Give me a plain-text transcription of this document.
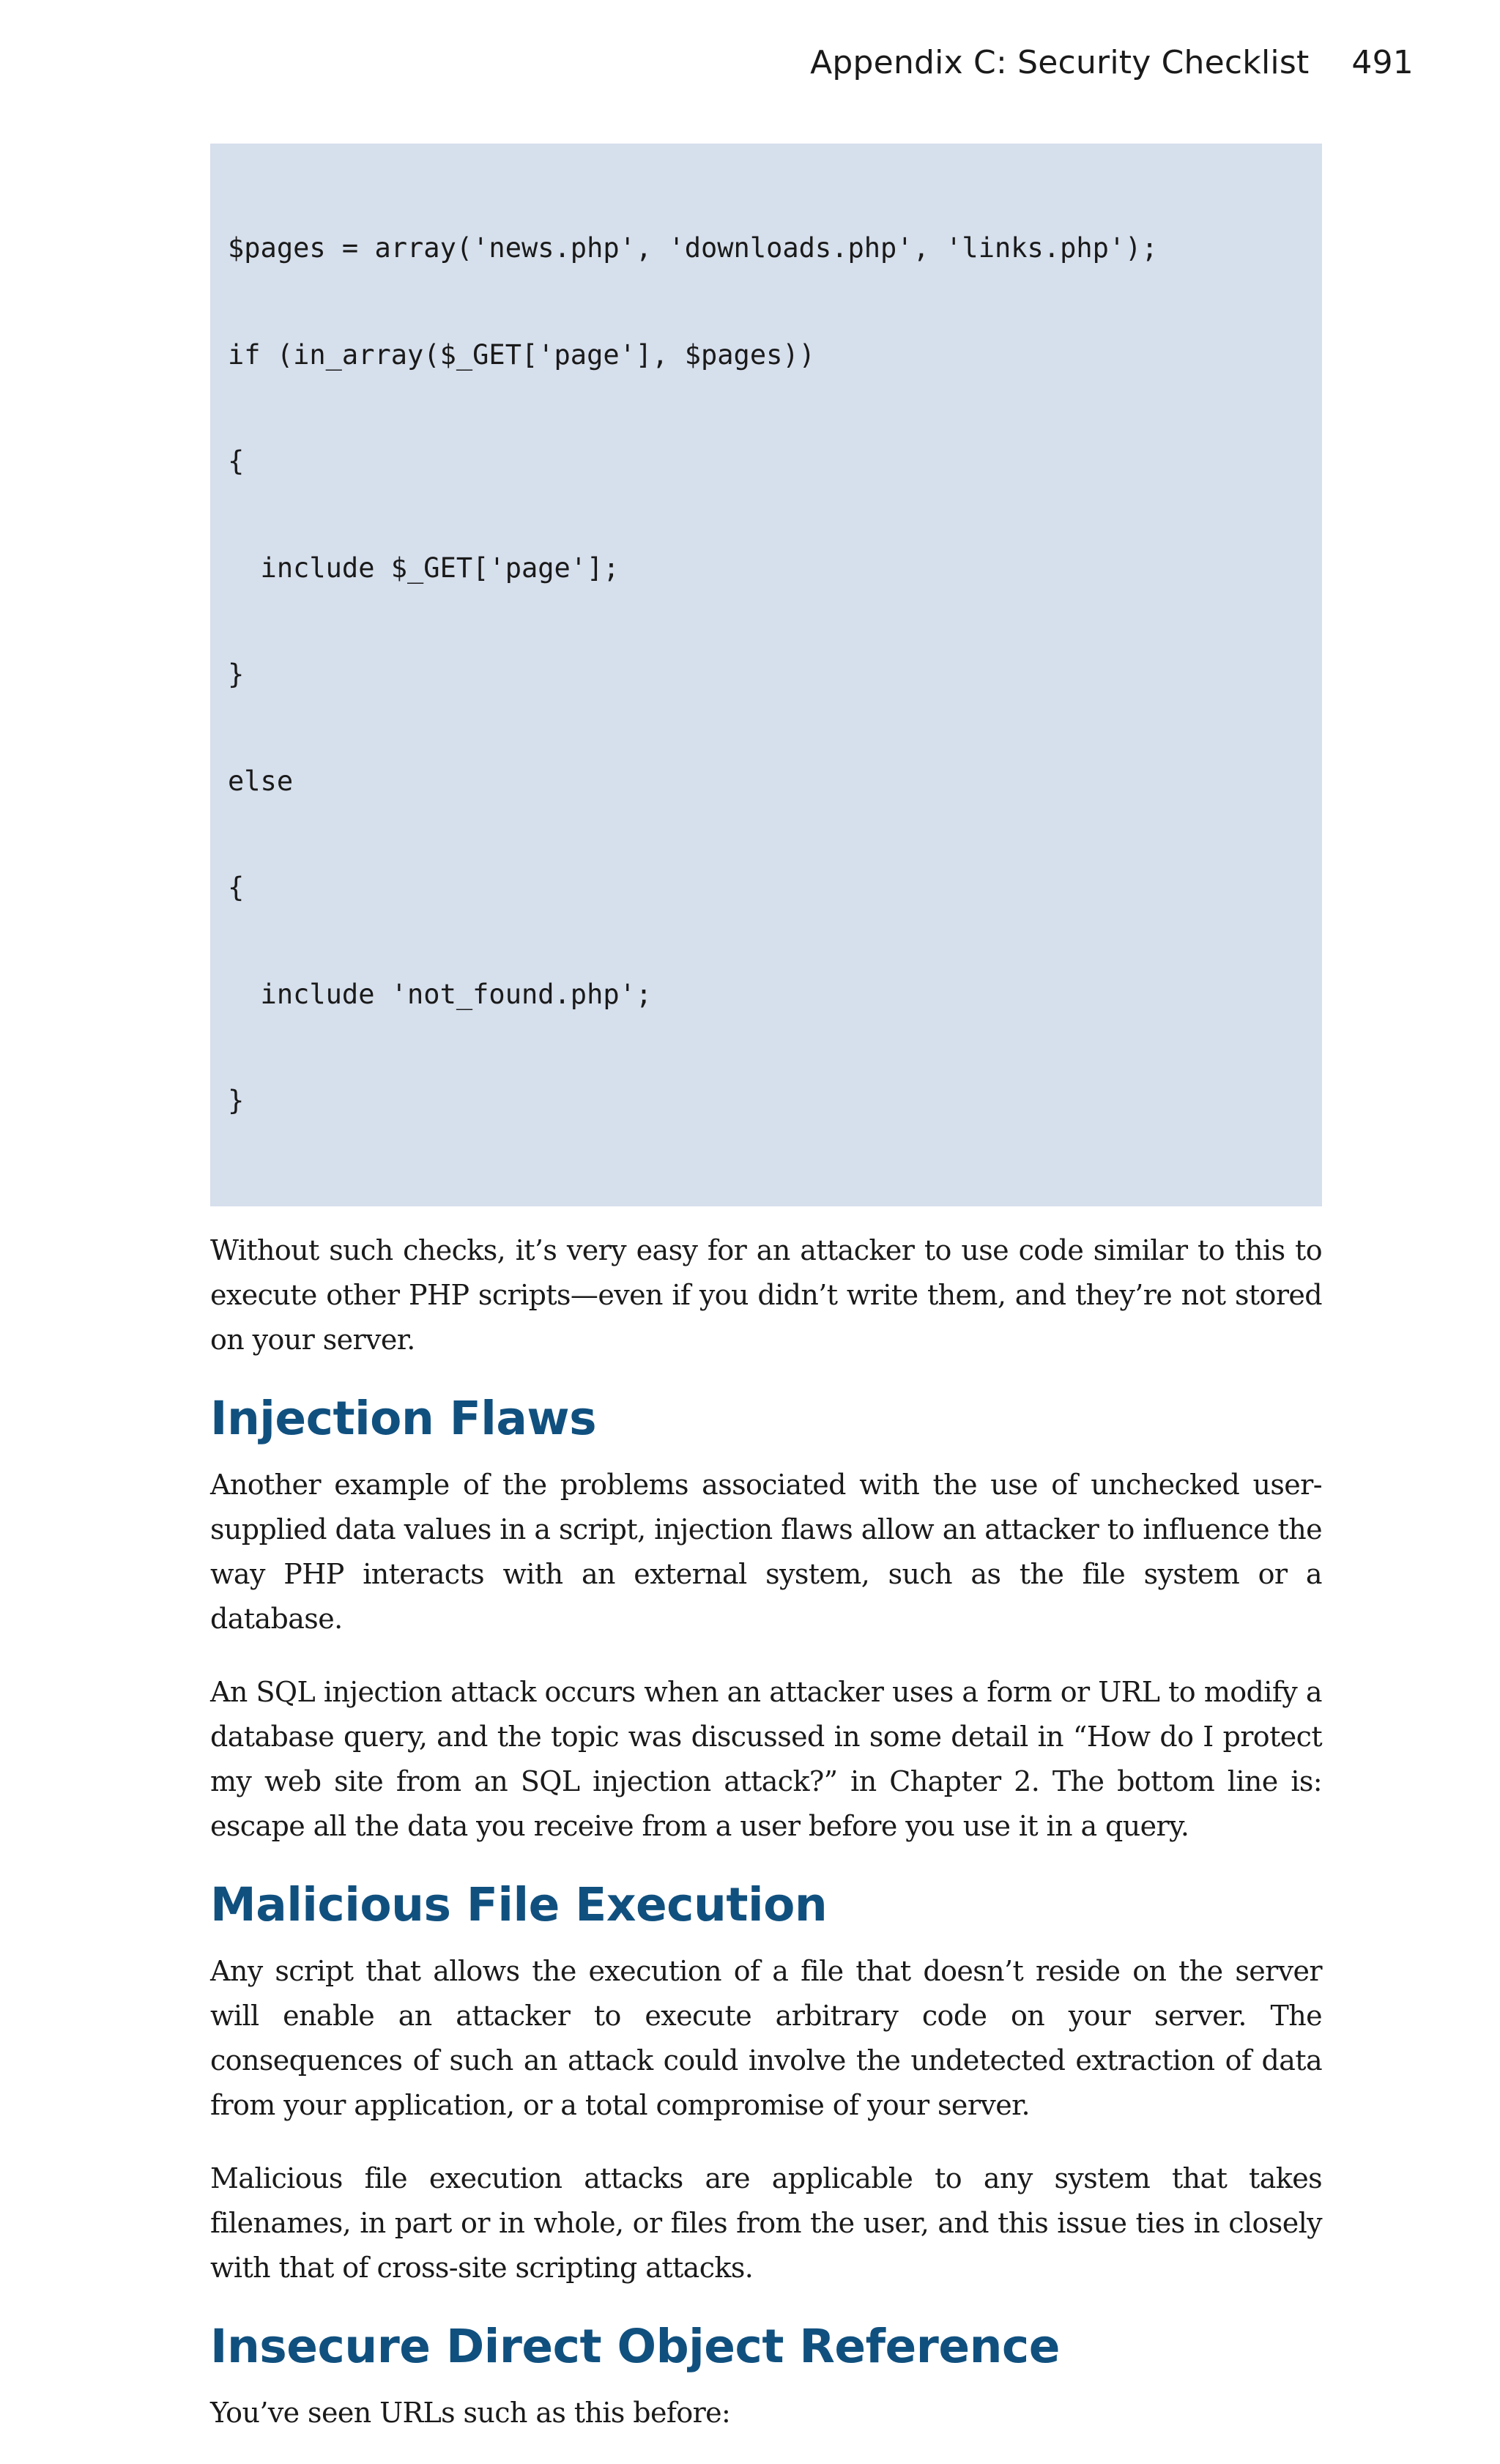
Appendix C: Security Checklist 491

$pages = array('news.php', 'downloads.php', 'links.php');

if (in_array($_GET['page'], $pages))

{

include $_GET['page'];

}

else

{

include 'not_found.php';

}

Without such checks, it’s very easy for an attacker to use code similar to this to execute other PHP scripts—even if you didn’t write them, and they’re not stored on your server.

Injection Flaws

Another example of the problems associated with the use of unchecked user-supplied data values in a script, injection flaws allow an attacker to influence the way PHP interacts with an external system, such as the file system or a database.

An SQL injection attack occurs when an attacker uses a form or URL to modify a database query, and the topic was discussed in some detail in “How do I protect my web site from an SQL injection attack?” in Chapter 2. The bottom line is: escape all the data you receive from a user before you use it in a query.

Malicious File Execution

Any script that allows the execution of a file that doesn’t reside on the server will enable an attacker to execute arbitrary code on your server. The consequences of such an attack could involve the undetected extraction of data from your application, or a total compromise of your server.

Malicious file execution attacks are applicable to any system that takes filenames, in part or in whole, or files from the user, and this issue ties in closely with that of cross-site scripting attacks.

Insecure Direct Object Reference

You’ve seen URLs such as this before:
